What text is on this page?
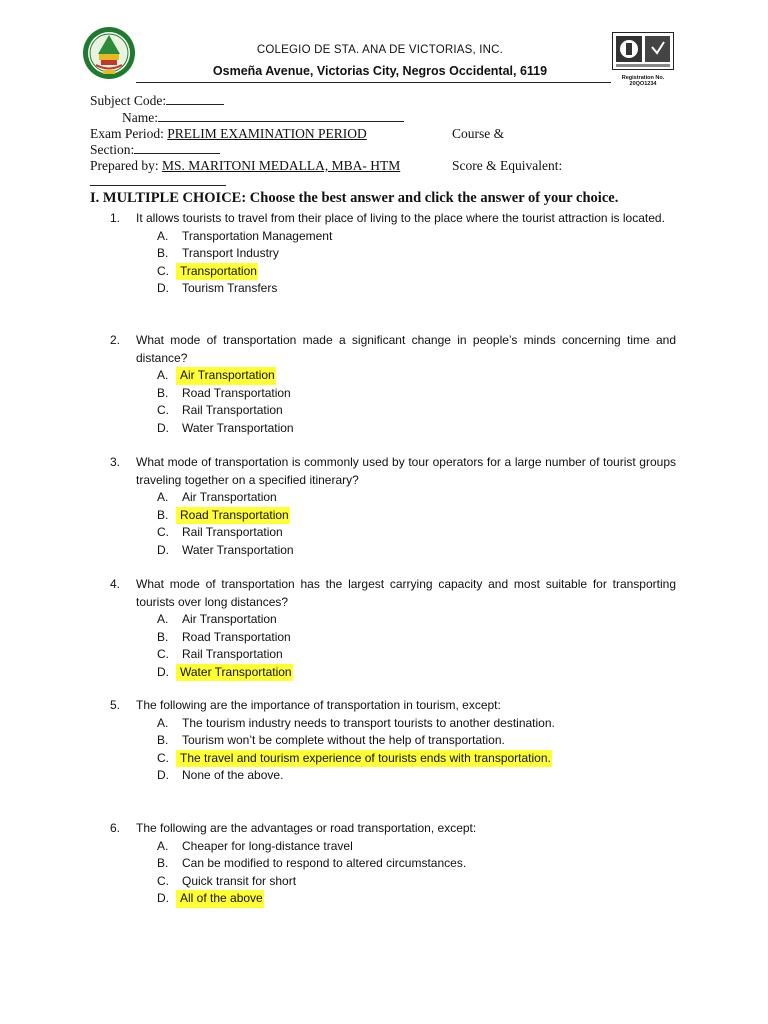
COLEGIO DE STA. ANA DE VICTORIAS, INC.
Osmeña Avenue, Victorias City, Negros Occidental, 6119	Registration No. 20QO1234
Subject Code:
Name:
Exam Period: PRELIM EXAMINATION PERIOD	Course &
Section:
Prepared by: MS. MARITONI MEDALLA, MBA- HTM	Score & Equivalent:
I. MULTIPLE CHOICE: Choose the best answer and click the answer of your choice.
1.	It allows tourists to travel from their place of living to the place where the tourist attraction is located.
A.	Transportation Management
B.	Transport Industry
C. Transportation
D.	Tourism Transfers
2.	What mode of transportation made a significant change in people’s minds concerning time and distance?
A. Air Transportation
B.	Road Transportation
C.	Rail Transportation
D.	Water Transportation
3.	What mode of transportation is commonly used by tour operators for a large number of tourist groups traveling together on a specified itinerary?
A.	Air Transportation
B. Road Transportation
C.	Rail Transportation
D.	Water Transportation
4.	What mode of transportation has the largest carrying capacity and most suitable for transporting tourists over long distances?
A.	Air Transportation
B.	Road Transportation
C.	Rail Transportation
D. Water Transportation
5.	The following are the importance of transportation in tourism, except:
A.	The tourism industry needs to transport tourists to another destination.
B.	Tourism won’t be complete without the help of transportation.
C. The travel and tourism experience of tourists ends with transportation.
D.	None of the above.
6.	The following are the advantages or road transportation, except:
A.	Cheaper for long-distance travel
B.	Can be modified to respond to altered circumstances.
C.	Quick transit for short
D. All of the above
